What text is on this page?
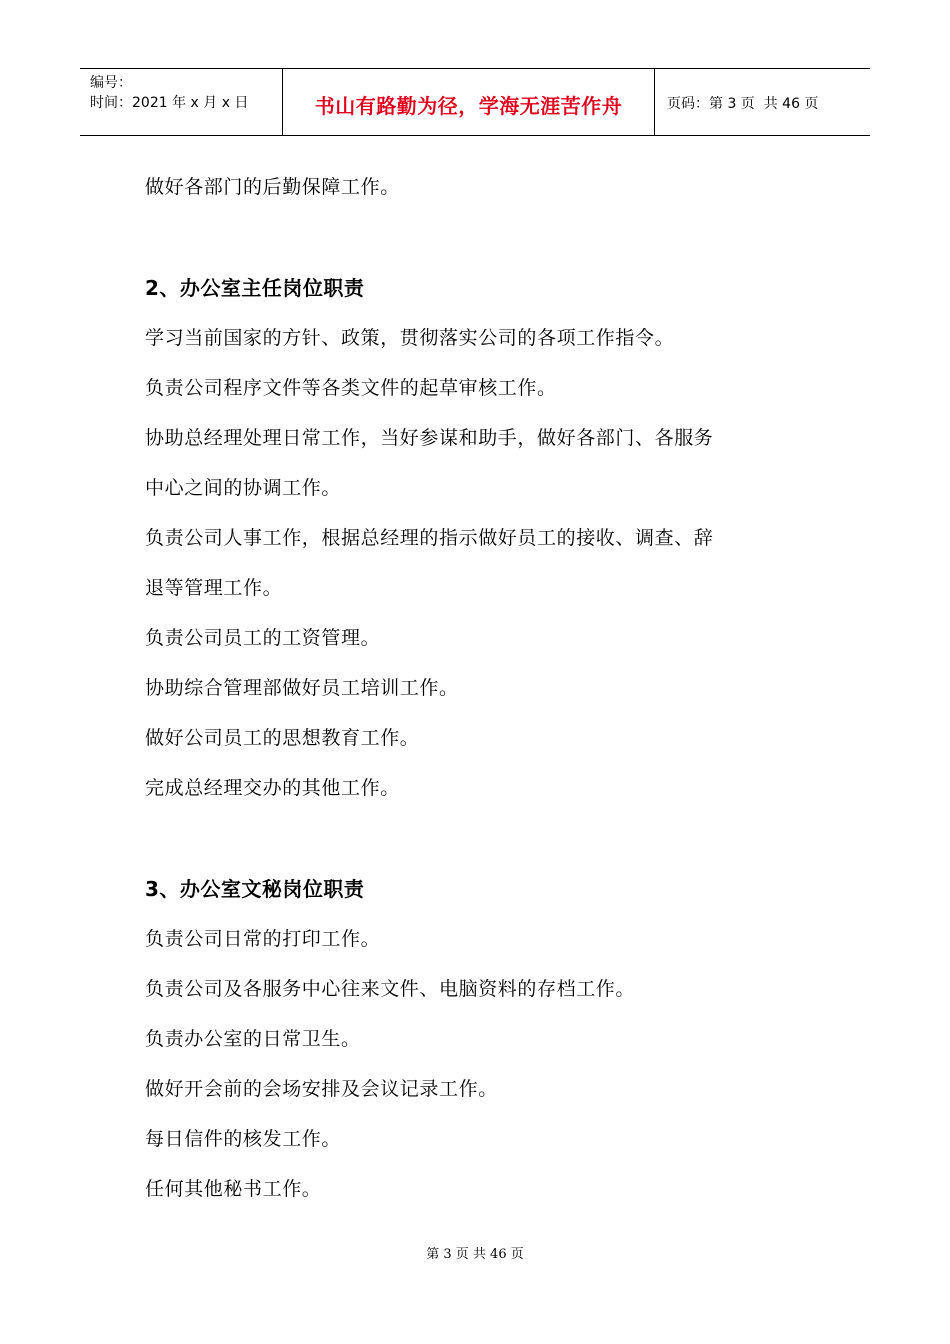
编号：
时间：2021 年 x 月 x 日	书山有路勤为径，学海无涯苦作舟	页码：第 3 页  共 46 页
做好各部门的后勤保障工作。
2、办公室主任岗位职责
学习当前国家的方针、政策，贯彻落实公司的各项工作指令。
负责公司程序文件等各类文件的起草审核工作。
协助总经理处理日常工作，当好参谋和助手，做好各部门、各服务
中心之间的协调工作。
负责公司人事工作，根据总经理的指示做好员工的接收、调查、辞
退等管理工作。
负责公司员工的工资管理。
协助综合管理部做好员工培训工作。
做好公司员工的思想教育工作。
完成总经理交办的其他工作。
3、办公室文秘岗位职责
负责公司日常的打印工作。
负责公司及各服务中心往来文件、电脑资料的存档工作。
负责办公室的日常卫生。
做好开会前的会场安排及会议记录工作。
每日信件的核发工作。
任何其他秘书工作。
第 3 页 共 46 页
